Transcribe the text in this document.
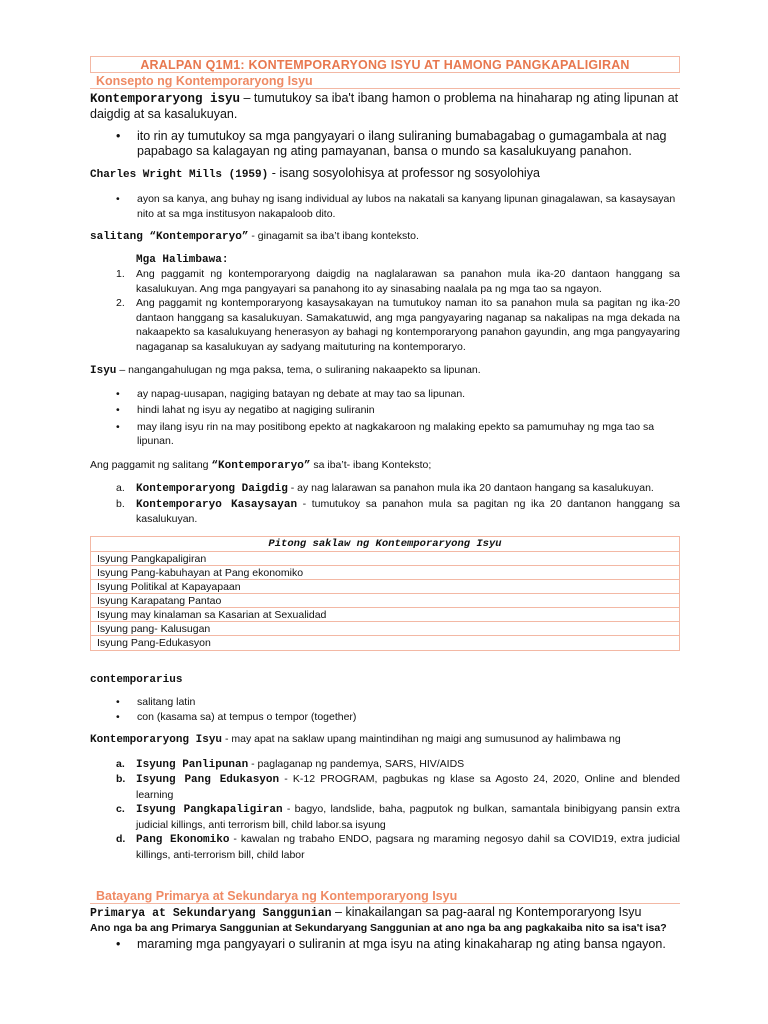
ARALPAN Q1M1: KONTEMPORARYONG ISYU AT HAMONG PANGKAPALIGIRAN
Konsepto ng Kontemporaryong Isyu

Kontemporaryong isyu – tumutukoy sa iba't ibang hamon o problema na hinaharap ng ating lipunan at daigdig at sa kasalukuyan.

• ito rin ay tumutukoy sa mga pangyayari o ilang suliraning bumabagabag o gumagambala at nag papabago sa kalagayan ng ating pamayanan, bansa o mundo sa kasalukuyang panahon.

Charles Wright Mills (1959) - isang sosyolohisya at professor ng sosyolohiya

• ayon sa kanya, ang buhay ng isang individual ay lubos na nakatali sa kanyang lipunan ginagalawan, sa kasaysayan nito at sa mga institusyon nakapaloob dito.

salitang “Kontemporaryo” - ginagamit sa iba’t ibang konteksto.

Mga Halimbawa:

1. Ang paggamit ng kontemporaryong daigdig na naglalarawan sa panahon mula ika-20 dantaon hanggang sa kasalukuyan. Ang mga pangyayari sa panahong ito ay sinasabing naalala pa ng mga tao sa ngayon.
2. Ang paggamit ng kontemporaryong kasaysakayan na tumutukoy naman ito sa panahon mula sa pagitan ng ika-20 dantaon hanggang sa kasalukuyan. Samakatuwid, ang mga pangyayaring naganap sa nakalipas na mga dekada na nakaapekto sa kasalukuyang henerasyon ay bahagi ng kontemporaryong panahon gayundin, ang mga pangyayaring nagaganap sa kasalukuyan ay sadyang maituturing na kontemporaryo.

Isyu – nangangahulugan ng mga paksa, tema, o suliraning nakaapekto sa lipunan.

• ay napag-uusapan, nagiging batayan ng debate at may tao sa lipunan.
• hindi lahat ng isyu ay negatibo at nagiging suliranin
• may ilang isyu rin na may positibong epekto at nagkakaroon ng malaking epekto sa pamumuhay ng mga tao sa lipunan.

Ang paggamit ng salitang “Kontemporaryo” sa iba’t- ibang Konteksto;

a. Kontemporaryong Daigdig - ay nag lalarawan sa panahon mula ika 20 dantaon hangang sa kasalukuyan.
b. Kontemporaryo Kasaysayan - tumutukoy sa panahon mula sa pagitan ng ika 20 dantanon hanggang sa kasalukuyan.
Pitong saklaw ng Kontemporaryong Isyu
Isyung Pangkapaligiran
Isyung Pang-kabuhayan at Pang ekonomiko
Isyung Politikal at Kapayapaan
Isyung Karapatang Pantao
Isyung may kinalaman sa Kasarian at Sexualidad
Isyung pang- Kalusugan
Isyung Pang-Edukasyon

contemporarius

• salitang latin
• con (kasama sa) at tempus o tempor (together)

Kontemporaryong Isyu - may apat na saklaw upang maintindihan ng maigi ang sumusunod ay halimbawa ng

a. Isyung Panlipunan - paglaganap ng pandemya, SARS, HIV/AIDS
b. Isyung Pang Edukasyon - K-12 PROGRAM, pagbukas ng klase sa Agosto 24, 2020, Online and blended learning
c. Isyung Pangkapaligiran - bagyo, landslide, baha, pagputok ng bulkan, samantala binibigyang pansin extra judicial killings, anti terrorism bill, child labor.sa isyung
d. Pang Ekonomiko - kawalan ng trabaho ENDO, pagsara ng maraming negosyo dahil sa COVID19, extra judicial killings, anti-terrorism bill, child labor
Batayang Primarya at Sekundarya ng Kontemporaryong Isyu

Primarya at Sekundaryang Sanggunian – kinakailangan sa pag-aaral ng Kontemporaryong Isyu

Ano nga ba ang Primarya Sanggunian at Sekundaryang Sanggunian at ano nga ba ang pagkakaiba nito sa isa't isa?

• maraming mga pangyayari o suliranin at mga isyu na ating kinakaharap ng ating bansa ngayon.
